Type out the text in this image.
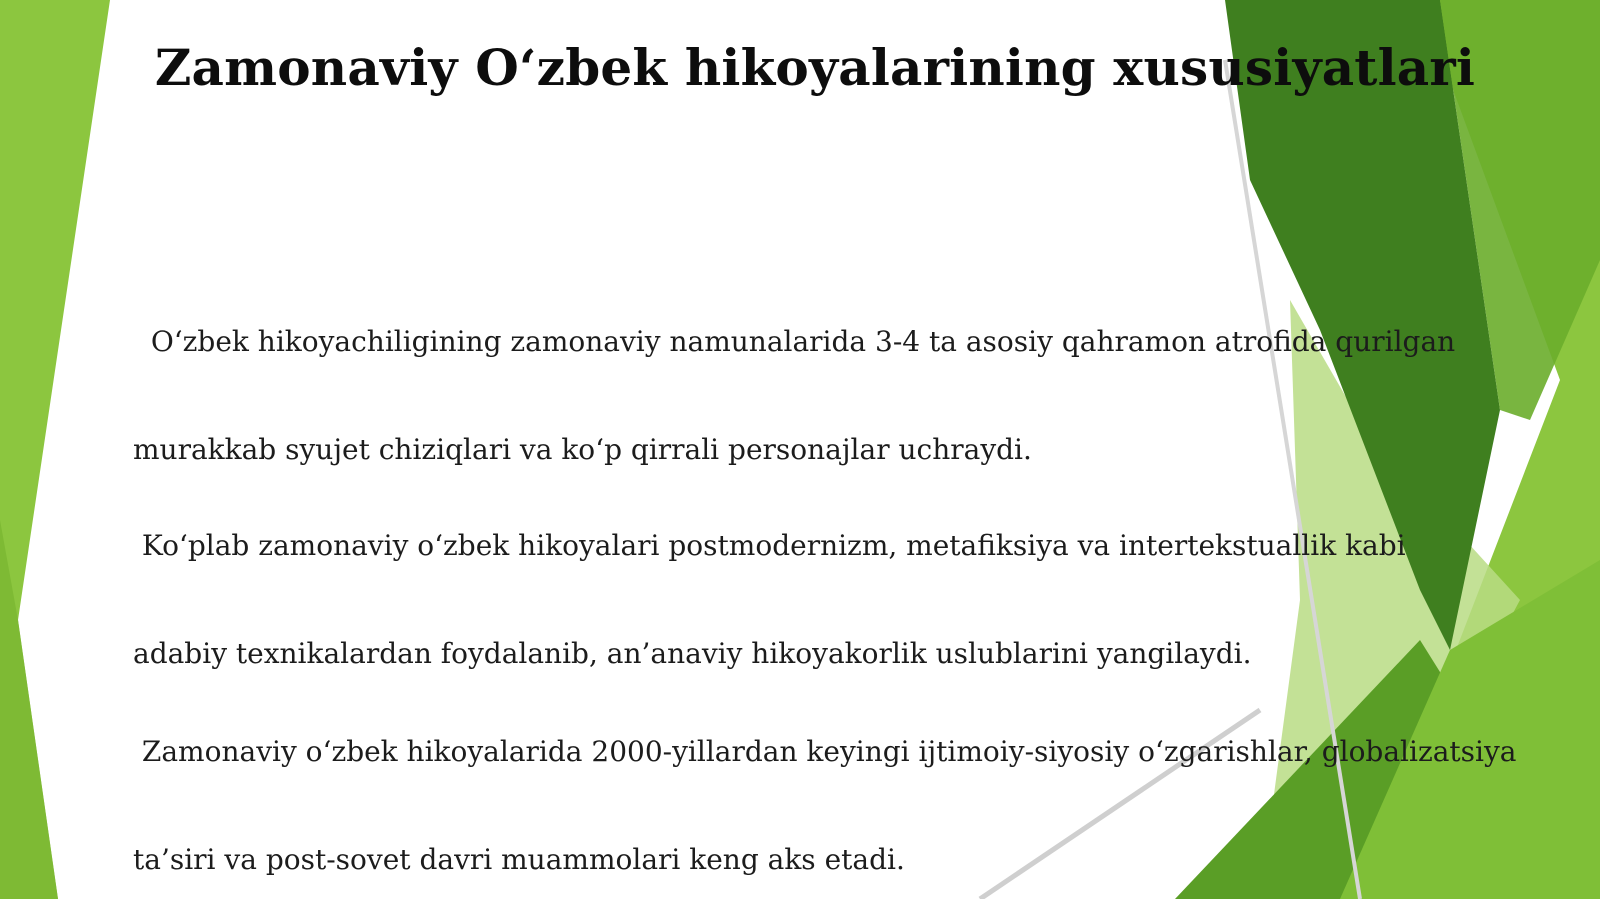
Zamonaviy O‘zbek hikoyalarining xususiyatlari

O‘zbek hikoyachiligining zamonaviy namunalarida 3-4 ta asosiy qahramon atrofida qurilgan

murakkab syujet chiziqlari va ko‘p qirrali personajlar uchraydi.

Ko‘plab zamonaviy o‘zbek hikoyalari postmodernizm, metafiksiya va intertekstuallik kabi

adabiy texnikalardan foydalanib, an’anaviy hikoyakorlik uslublarini yangilaydi.

Zamonaviy o‘zbek hikoyalarida 2000-yillardan keyingi ijtimoiy-siyosiy o‘zgarishlar, globalizatsiya

ta’siri va post-sovet davri muammolari keng aks etadi.
